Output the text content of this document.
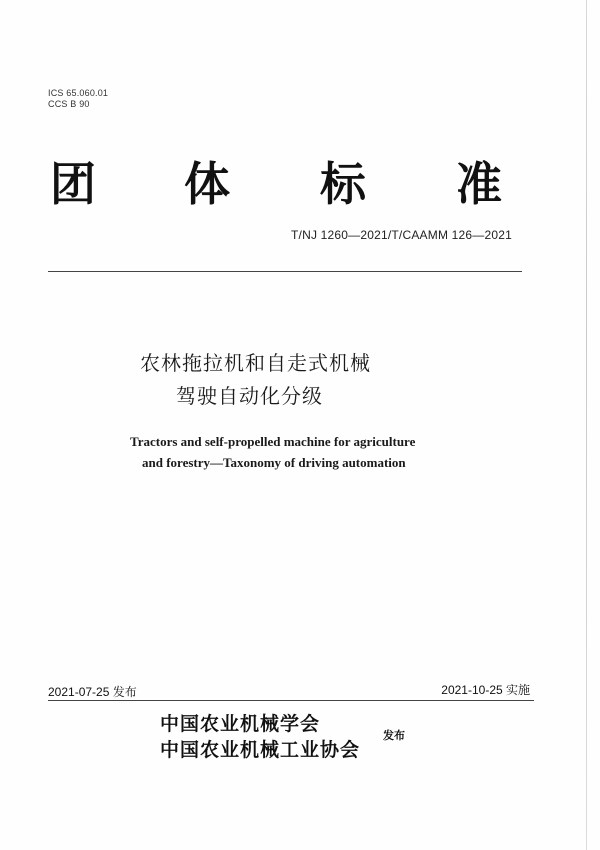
ICS 65.060.01
CCS B 90
团 体 标 准
T/NJ 1260—2021/T/CAAMM 126—2021
农林拖拉机和自走式机械
驾驶自动化分级
Tractors and self-propelled machine for agriculture
and forestry—Taxonomy of driving automation
2021-07-25 发布	2021-10-25 实施
中国农业机械学会
中国农业机械工业协会
发布
